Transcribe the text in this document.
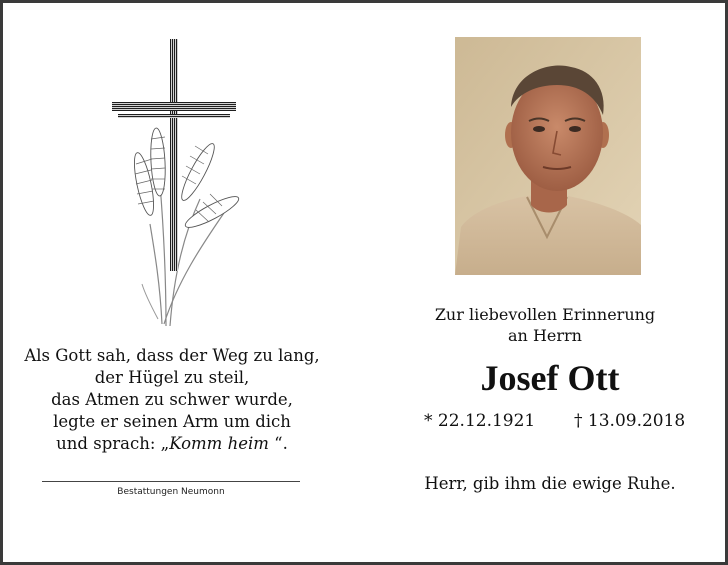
Als Gott sah, dass der Weg zu lang,
der Hügel zu steil,
das Atmen zu schwer wurde,
legte er seinen Arm um dich
und sprach: „Komm heim “.
Bestattungen Neumonn
Zur liebevollen Erinnerung
an Herrn
Josef Ott
* 22.12.1921 † 13.09.2018
Herr, gib ihm die ewige Ruhe.
